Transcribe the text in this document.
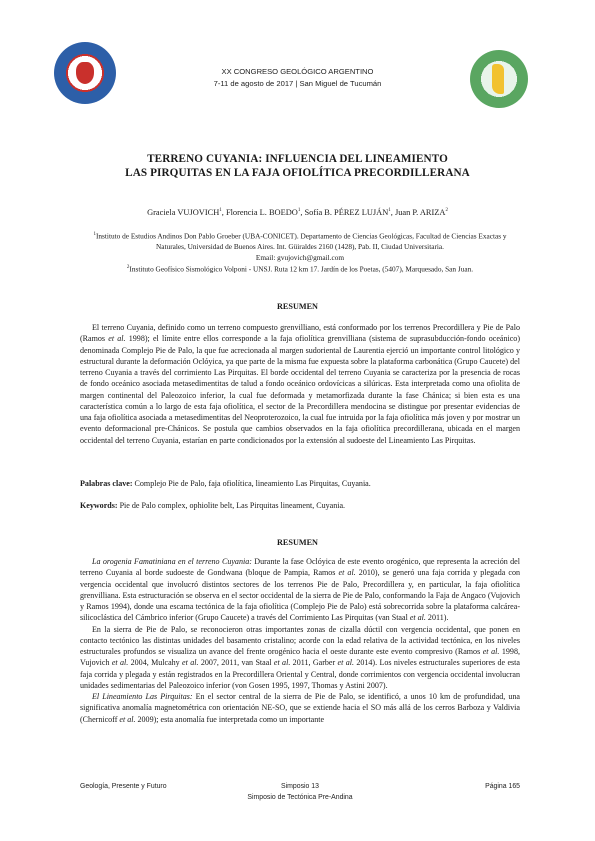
XX CONGRESO GEOLÓGICO ARGENTINO
7-11 de agosto de 2017 | San Miguel de Tucumán
TERRENO CUYANIA: INFLUENCIA DEL LINEAMIENTO
LAS PIRQUITAS EN LA FAJA OFIOLÍTICA PRECORDILLERANA
Graciela VUJOVICH$^1$, Florencia L. BOEDO$^1$, Sofía B. PÉREZ LUJÁN$^1$, Juan P. ARIZA$^2$
$^1$Instituto de Estudios Andinos Don Pablo Groeber (UBA-CONICET). Departamento de Ciencias Geológicas, Facultad de Ciencias Exactas y Naturales, Universidad de Buenos Aires. Int. Güiraldes 2160 (1428), Pab. II, Ciudad Universitaria.
Email: gvujovich@gmail.com
$^2$Instituto Geofísico Sismológico Volponi - UNSJ. Ruta 12 km 17. Jardín de los Poetas, (5407), Marquesado, San Juan.
RESUMEN

El terreno Cuyania, definido como un terreno compuesto grenvilliano, está conformado por los terrenos Precordillera y Pie de Palo (Ramos et al. 1998); el límite entre ellos corresponde a la faja ofiolítica grenvilliana (sistema de suprasubducción-fondo oceánico) denominada Complejo Pie de Palo, la que fue acrecionada al margen sudoriental de Laurentia ejerció un importante control litológico y estructural durante la deformación Oclóyica, ya que parte de la misma fue expuesta sobre la plataforma carbonática (Grupo Caucete) del terreno Cuyania a través del corrimiento Las Pirquitas. El borde occidental del terreno Cuyania se caracteriza por la presencia de rocas de fondo oceánico asociada metasedimentitas de talud a fondo oceánico ordovícicas a silúricas. Esta interpretada como una ofiolita de margen continental del Paleozoico inferior, la cual fue deformada y metamorfizada durante la fase Chánica; si bien esta es una característica común a lo largo de esta faja ofiolítica, el sector de la Precordillera mendocina se distingue por presentar evidencias de una faja ofiolítica asociada a metasedimentitas del Neoproterozoico, la cual fue intruida por la faja ofiolítica más joven y por mostrar un evento deformacional pre-Chánicos. Se postula que cambios observados en la faja ofiolítica precordillerana, ubicada en el margen occidental del terreno Cuyania, estarían en parte condicionados por la extensión al sudoeste del Lineamiento Las Pirquitas.

Palabras clave: Complejo Pie de Palo, faja ofiolítica, lineamiento Las Pirquitas, Cuyania.
Keywords: Pie de Palo complex, ophiolite belt, Las Pirquitas lineament, Cuyania.
RESUMEN

La orogenia Famatiniana en el terreno Cuyania: Durante la fase Oclóyica de este evento orogénico, que representa la acreción del terreno Cuyania al borde sudoeste de Gondwana (bloque de Pampia, Ramos et al. 2010), se generó una faja corrida y plegada con vergencia occidental que involucró distintos sectores de los terrenos Pie de Palo, Precordillera y, en particular, la faja ofiolítica grenvilliana. Esta estructuración se observa en el sector occidental de la sierra de Pie de Palo, conformando la Faja de Angaco (Vujovich y Ramos 1994), donde una escama tectónica de la faja ofiolítica (Complejo Pie de Palo) está sobrecorrida sobre la plataforma calcárea-silicoclástica del Cámbrico inferior (Grupo Caucete) a través del Corrimiento Las Pirquitas (van Staal et al. 2011).

En la sierra de Pie de Palo, se reconocieron otras importantes zonas de cizalla dúctil con vergencia occidental, que ponen en contacto tectónico las distintas unidades del basamento cristalino; acorde con la edad relativa de la actividad tectónica, en los niveles estructurales profundos se visualiza un avance del frente orogénico hacia el oeste durante este evento compresivo (Ramos et al. 1998, Vujovich et al. 2004, Mulcahy et al. 2007, 2011, van Staal et al. 2011, Garber et al. 2014). Los niveles estructurales superiores de esta faja corrida y plegada y están registrados en la Precordillera Oriental y Central, donde corrimientos con vergencia occidental involucran unidades sedimentarias del Paleozoico inferior (von Gosen 1995, 1997, Thomas y Astini 2007).

El Lineamiento Las Pirquitas: En el sector central de la sierra de Pie de Palo, se identificó, a unos 10 km de profundidad, una significativa anomalía magnetométrica con orientación NE-SO, que se extiende hacia el SO más allá de los cerros Barboza y Valdivia (Chernicoff et al. 2009); esta anomalía fue interpretada como un importante

Geología, Presente y Futuro	Simposio 13
Simposio de Tectónica Pre-Andina
Página 165
